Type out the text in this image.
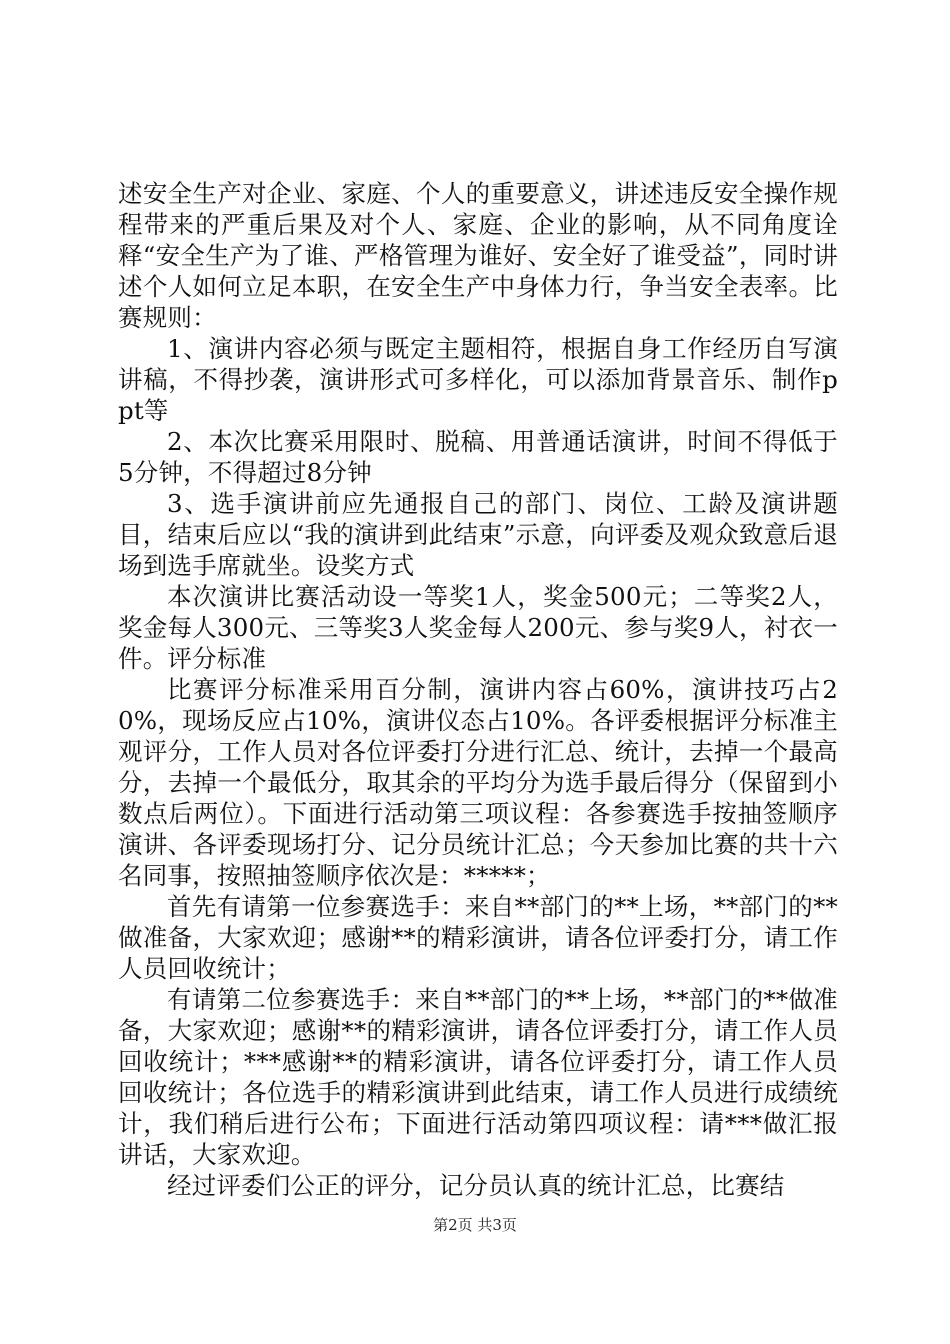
述安全生产对企业、家庭、个人的重要意义，讲述违反安全操作规程带来的严重后果及对个人、家庭、企业的影响，从不同角度诠释“安全生产为了谁、严格管理为谁好、安全好了谁受益”，同时讲述个人如何立足本职，在安全生产中身体力行，争当安全表率。比赛规则：

1、演讲内容必须与既定主题相符，根据自身工作经历自写演讲稿，不得抄袭，演讲形式可多样化，可以添加背景音乐、制作ppt等

2、本次比赛采用限时、脱稿、用普通话演讲，时间不得低于5分钟，不得超过8分钟

3、选手演讲前应先通报自己的部门、岗位、工龄及演讲题目，结束后应以“我的演讲到此结束”示意，向评委及观众致意后退场到选手席就坐。设奖方式

本次演讲比赛活动设一等奖1人，奖金500元；二等奖2人，奖金每人300元、三等奖3人奖金每人200元、参与奖9人，衬衣一件。评分标准

比赛评分标准采用百分制，演讲内容占60%，演讲技巧占20%，现场反应占10%，演讲仪态占10%。各评委根据评分标准主观评分，工作人员对各位评委打分进行汇总、统计，去掉一个最高分，去掉一个最低分，取其余的平均分为选手最后得分（保留到小数点后两位）。下面进行活动第三项议程：各参赛选手按抽签顺序演讲、各评委现场打分、记分员统计汇总；今天参加比赛的共十六名同事，按照抽签顺序依次是：*****；

首先有请第一位参赛选手：来自**部门的**上场，**部门的**做准备，大家欢迎；感谢**的精彩演讲，请各位评委打分，请工作人员回收统计；

有请第二位参赛选手：来自**部门的**上场，**部门的**做准备，大家欢迎；感谢**的精彩演讲，请各位评委打分，请工作人员回收统计；***感谢**的精彩演讲，请各位评委打分，请工作人员回收统计；各位选手的精彩演讲到此结束，请工作人员进行成绩统计，我们稍后进行公布；下面进行活动第四项议程：请***做汇报讲话，大家欢迎。

经过评委们公正的评分，记分员认真的统计汇总，比赛结

第2页 共3页
